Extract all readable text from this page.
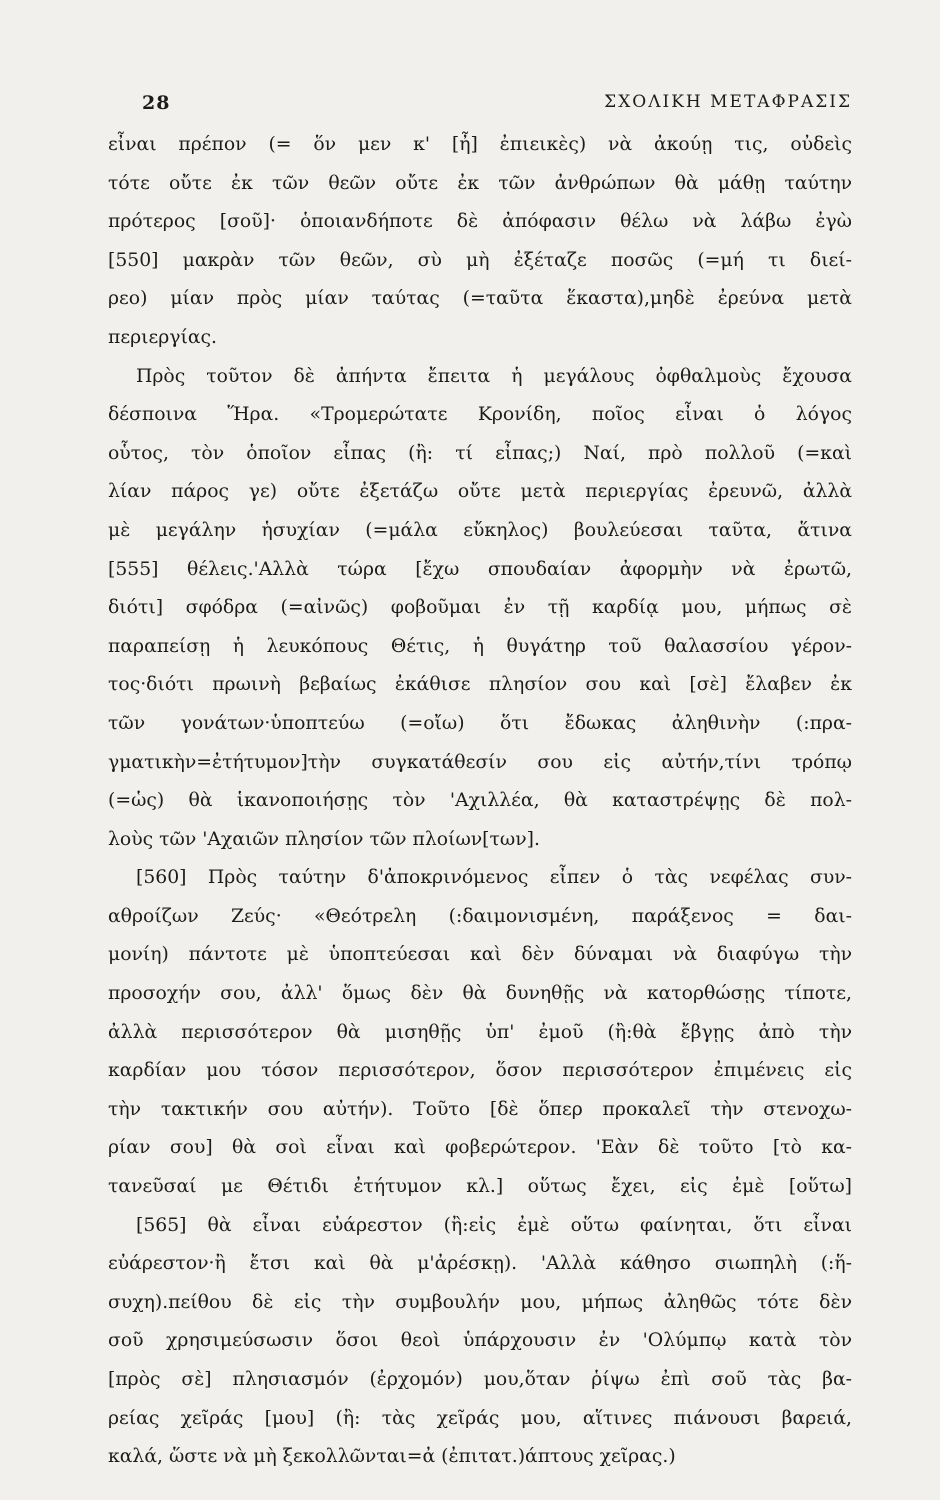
28	ΣΧΟΛΙΚΗ ΜΕΤΑΦΡΑΣΙΣ
εἶναι πρέπον (= ὅν μεν κ' [ἦ] ἐπιεικὲς) νὰ ἀκούῃ τις, οὐδεὶς
τότε οὔτε ἐκ τῶν θεῶν οὔτε ἐκ τῶν ἀνθρώπων θὰ μάθῃ ταύτην
πρότερος [σοῦ]· ὁποιανδήποτε δὲ ἀπόφασιν θέλω νὰ λάβω ἐγὼ
[550] μακρὰν τῶν θεῶν, σὺ μὴ ἐξέταζε ποσῶς (=μή τι διεί-
ρεο) μίαν πρὸς μίαν ταύτας (=ταῦτα ἕκαστα),μηδὲ ἐρεύνα μετὰ
περιεργίας.
Πρὸς τοῦτον δὲ ἀπήντα ἔπειτα ἡ μεγάλους ὀφθαλμοὺς ἔχουσα
δέσποινα Ἥρα. «Τρομερώτατε Κρονίδη, ποῖος εἶναι ὁ λόγος
οὗτος, τὸν ὁποῖον εἶπας (ἢ: τί εἶπας;) Ναί, πρὸ πολλοῦ (=καὶ
λίαν πάρος γε) οὔτε ἐξετάζω οὔτε μετὰ περιεργίας ἐρευνῶ, ἀλλὰ
μὲ μεγάλην ἡσυχίαν (=μάλα εὔκηλος) βουλεύεσαι ταῦτα, ἅτινα
[555] θέλεις.'Αλλὰ τώρα [ἔχω σπουδαίαν ἀφορμὴν νὰ ἐρωτῶ,
διότι] σφόδρα (=αἰνῶς) φοβοῦμαι ἐν τῇ καρδίᾳ μου, μήπως σὲ
παραπείσῃ ἡ λευκόπους Θέτις, ἡ θυγάτηρ τοῦ θαλασσίου γέρον-
τος·διότι πρωινὴ βεβαίως ἐκάθισε πλησίον σου καὶ [σὲ] ἔλαβεν ἐκ
τῶν γονάτων·ὑποπτεύω (=οἴω) ὅτι ἔδωκας ἀληθινὴν (:πρα-
γματικὴν=ἐτήτυμον]τὴν συγκατάθεσίν σου εἰς αὐτήν,τίνι τρόπῳ
(=ὡς) θὰ ἱκανοποιήσῃς τὸν 'Αχιλλέα, θὰ καταστρέψῃς δὲ πολ-
λοὺς τῶν 'Αχαιῶν πλησίον τῶν πλοίων[των].
[560] Πρὸς ταύτην δ'ἀποκρινόμενος εἶπεν ὁ τὰς νεφέλας συν-
αθροίζων Ζεύς· «Θεότρελη (:δαιμονισμένη, παράξενος = δαι-
μονίη) πάντοτε μὲ ὑποπτεύεσαι καὶ δὲν δύναμαι νὰ διαφύγω τὴν
προσοχήν σου, ἀλλ' ὅμως δὲν θὰ δυνηθῇς νὰ κατορθώσῃς τίποτε,
ἀλλὰ περισσότερον θὰ μισηθῇς ὑπ' ἐμοῦ (ἢ:θὰ ἔβγῃς ἀπὸ τὴν
καρδίαν μου τόσον περισσότερον, ὅσον περισσότερον ἐπιμένεις εἰς
τὴν τακτικήν σου αὐτήν). Τοῦτο [δὲ ὅπερ προκαλεῖ τὴν στενοχω-
ρίαν σου] θὰ σοὶ εἶναι καὶ φοβερώτερον. 'Εὰν δὲ τοῦτο [τὸ κα-
τανεῦσαί με Θέτιδι ἐτήτυμον κλ.] οὕτως ἔχει, εἰς ἐμὲ [οὕτω]
[565] θὰ εἶναι εὐάρεστον (ἢ:εἰς ἐμὲ οὕτω φαίνηται, ὅτι εἶναι
εὐάρεστον·ἢ ἔτσι καὶ θὰ μ'ἀρέσκῃ). 'Αλλὰ κάθησο σιωπηλὴ (:ἥ-
συχη).πείθου δὲ εἰς τὴν συμβουλήν μου, μήπως ἀληθῶς τότε δὲν
σοῦ χρησιμεύσωσιν ὅσοι θεοὶ ὑπάρχουσιν ἐν 'Ολύμπῳ κατὰ τὸν
[πρὸς σὲ] πλησιασμόν (ἐρχομόν) μου,ὅταν ῥίψω ἐπὶ σοῦ τὰς βα-
ρείας χεῖράς [μου] (ἢ: τὰς χεῖράς μου, αἵτινες πιάνουσι βαρειά,
καλά, ὥστε νὰ μὴ ξεκολλῶνται=ἀ (ἐπιτατ.)άπτους χεῖρας.)
